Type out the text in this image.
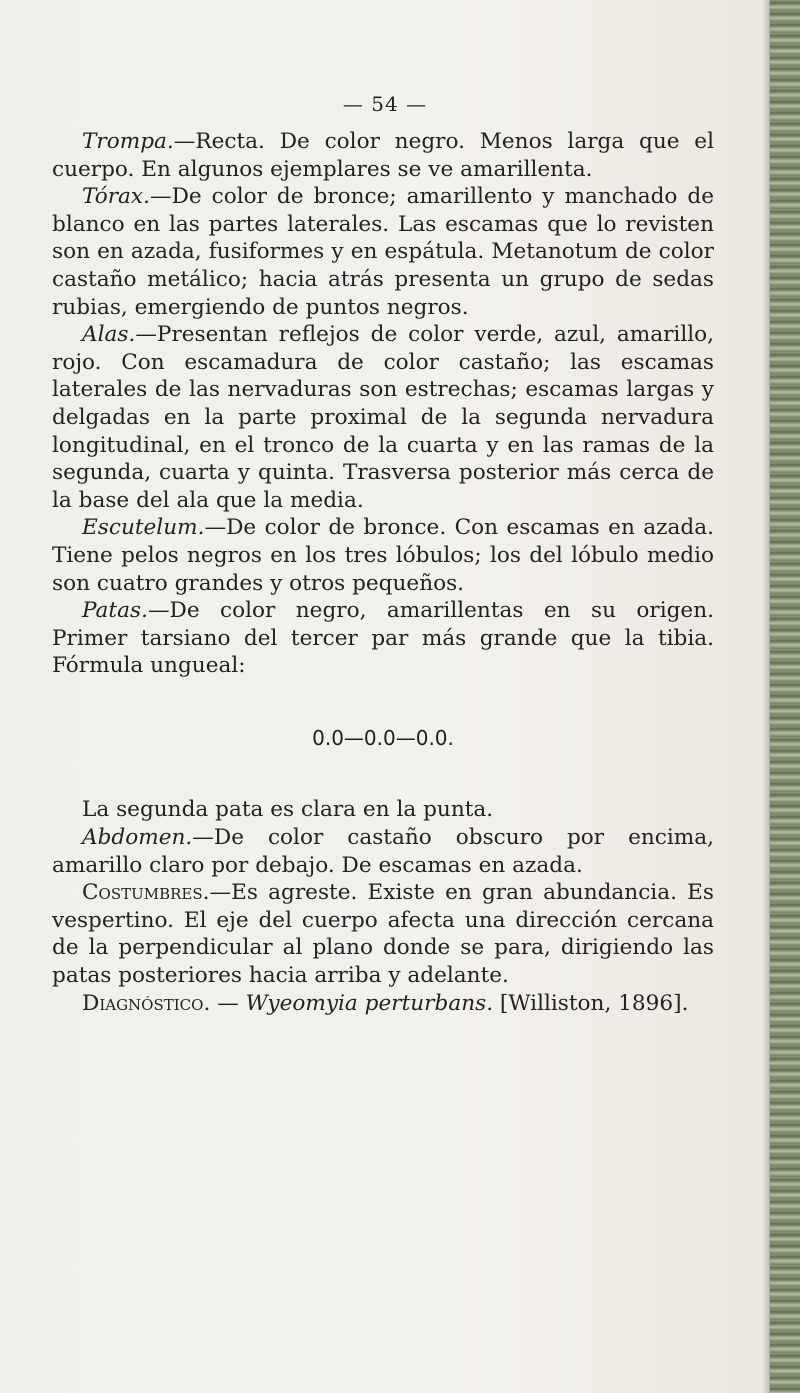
— 54 —

Trompa.—Recta. De color negro. Menos larga que el cuerpo. En algunos ejemplares se ve amarillenta.

Tórax.—De color de bronce; amarillento y manchado de blanco en las partes laterales. Las escamas que lo revisten son en azada, fusiformes y en espátula. Metanotum de color castaño metálico; hacia atrás presenta un grupo de sedas rubias, emergiendo de puntos negros.

Alas.—Presentan reflejos de color verde, azul, amarillo, rojo. Con escamadura de color castaño; las escamas laterales de las nervaduras son estrechas; escamas largas y delgadas en la parte proximal de la segunda nervadura longitudinal, en el tronco de la cuarta y en las ramas de la segunda, cuarta y quinta. Trasversa posterior más cerca de la base del ala que la media.

Escutelum.—De color de bronce. Con escamas en azada. Tiene pelos negros en los tres lóbulos; los del lóbulo medio son cuatro grandes y otros pequeños.

Patas.—De color negro, amarillentas en su origen. Primer tarsiano del tercer par más grande que la tibia. Fórmula ungueal:

0.0—0.0—0.0.

La segunda pata es clara en la punta.

Abdomen.—De color castaño obscuro por encima, amarillo claro por debajo. De escamas en azada.

Costumbres.—Es agreste. Existe en gran abundancia. Es vespertino. El eje del cuerpo afecta una dirección cercana de la perpendicular al plano donde se para, dirigiendo las patas posteriores hacia arriba y adelante.

Diagnóstico. — Wyeomyia perturbans. [Williston, 1896].
